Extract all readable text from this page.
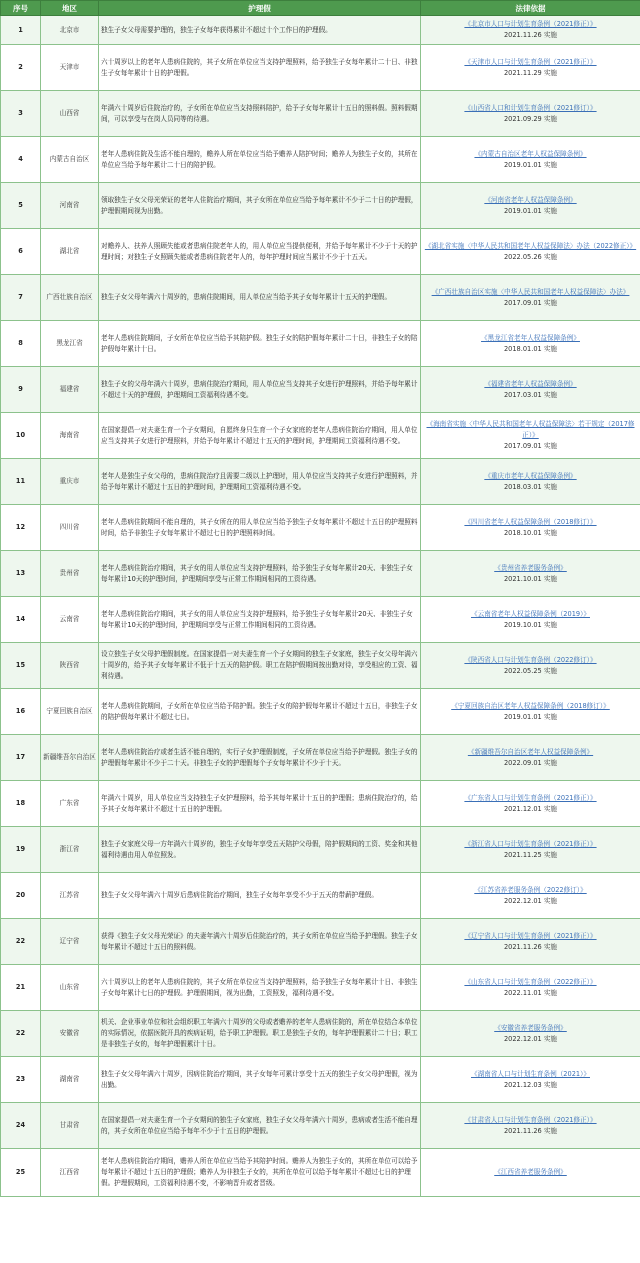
序号	地区	护理假	法律依据
1	北京市	独生子女父母需要护理的，独生子女每年获得累计不超过十个工作日的护理假。	《北京市人口与计划生育条例（2021修正）》
2021.11.26 实施
2	天津市	六十周岁以上的老年人患病住院的，其子女所在单位应当支持护理照料，给予独生子女每年累计二十日、非独生子女每年累计十日的护理假。	《天津市人口与计划生育条例（2021修正）》
2021.11.29 实施
3	山西省	年满六十周岁后住院治疗的，子女所在单位应当支持照料陪护，给予子女每年累计十五日的照料假。照料假期间，可以享受与在岗人员同等的待遇。	《山西省人口和计划生育条例（2021修订）》
2021.09.29 实施
4	内蒙古自治区	老年人患病住院及生活不能自理的，赡养人所在单位应当给予赡养人陪护时间；赡养人为独生子女的，其所在单位应当给予每年累计二十日的陪护假。	《内蒙古自治区老年人权益保障条例》
2019.01.01 实施
5	河南省	领取独生子女父母光荣证的老年人住院治疗期间，其子女所在单位应当给予每年累计不少于二十日的护理假，护理假期间视为出勤。	《河南省老年人权益保障条例》
2019.01.01 实施
6	湖北省	对赡养人、扶养人照顾失能或者患病住院老年人的，用人单位应当提供便利，并给予每年累计不少于十天的护理时间；对独生子女照顾失能或者患病住院老年人的，每年护理时间应当累计不少于十五天。	《湖北省实施〈中华人民共和国老年人权益保障法〉办法（2022修正）》
2022.05.26 实施
7	广西壮族自治区	独生子女父母年满六十周岁的，患病住院期间，用人单位应当给予其子女每年累计十五天的护理假。	《广西壮族自治区实施〈中华人民共和国老年人权益保障法〉办法》
2017.09.01 实施
8	黑龙江省	老年人患病住院期间，子女所在单位应当给予其陪护假。独生子女的陪护假每年累计二十日，非独生子女的陪护假每年累计十日。	《黑龙江省老年人权益保障条例》
2018.01.01 实施
9	福建省	独生子女的父母年满六十周岁，患病住院治疗期间，用人单位应当支持其子女进行护理照料，并给予每年累计不超过十天的护理假，护理期间工资福利待遇不变。	《福建省老年人权益保障条例》
2017.03.01 实施
10	海南省	在国家提倡一对夫妻生育一个子女期间，自愿终身只生育一个子女家庭的老年人患病住院治疗期间，用人单位应当支持其子女进行护理照料，并给予每年累计不超过十五天的护理时间，护理期间工资福利待遇不变。	《海南省实施〈中华人民共和国老年人权益保障法〉若干规定（2017修正）》
2017.09.01 实施
11	重庆市	老年人是独生子女父母的，患病住院治疗且需要二级以上护理时，用人单位应当支持其子女进行护理照料，并给予每年累计不超过十五日的护理时间，护理期间工资福利待遇不变。	《重庆市老年人权益保障条例》
2018.03.01 实施
12	四川省	老年人患病住院期间不能自理的，其子女所在的用人单位应当给予独生子女每年累计不超过十五日的护理照料时间，给予非独生子女每年累计不超过七日的护理照料时间。	《四川省老年人权益保障条例（2018修订）》
2018.10.01 实施
13	贵州省	老年人患病住院治疗期间，其子女的用人单位应当支持护理照料，给予独生子女每年累计20天、非独生子女每年累计10天的护理时间，护理期间享受与正常工作期间相同的工资待遇。	《贵州省养老服务条例》
2021.10.01 实施
14	云南省	老年人患病住院治疗期间，其子女的用人单位应当支持护理照料，给予独生子女每年累计20天、非独生子女每年累计10天的护理时间，护理期间享受与正常工作期间相同的工资待遇。	《云南省老年人权益保障条例（2019）》
2019.10.01 实施
15	陕西省	设立独生子女父母护理假制度。在国家提倡一对夫妻生育一个子女期间的独生子女家庭，独生子女父母年满六十周岁的，给予其子女每年累计不低于十五天的陪护假。职工在陪护假期间按出勤对待，享受相应的工资、福利待遇。	《陕西省人口与计划生育条例（2022修订）》
2022.05.25 实施
16	宁夏回族自治区	老年人患病住院期间，子女所在单位应当给予陪护假。独生子女的陪护假每年累计不超过十五日，非独生子女的陪护假每年累计不超过七日。	《宁夏回族自治区老年人权益保障条例（2018修订）》
2019.01.01 实施
17	新疆维吾尔自治区	老年人患病住院治疗或者生活不能自理的，实行子女护理假制度，子女所在单位应当给予护理假。独生子女的护理假每年累计不少于二十天。非独生子女的护理假每个子女每年累计不少于十天。	《新疆维吾尔自治区老年人权益保障条例》
2022.09.01 实施
18	广东省	年满六十周岁，用人单位应当支持独生子女护理照料，给予其每年累计十五日的护理假；患病住院治疗的，给予其子女每年累计不超过十五日的护理假。	《广东省人口与计划生育条例（2021修正）》
2021.12.01 实施
19	浙江省	独生子女家庭父母一方年满六十周岁的，独生子女每年享受五天陪护父母假，陪护假期间的工资、奖金和其他福利待遇由用人单位照发。	《浙江省人口与计划生育条例（2021修正）》
2021.11.25 实施
20	江苏省	独生子女父母年满六十周岁后患病住院治疗期间，独生子女每年享受不少于五天的带薪护理假。	《江苏省养老服务条例（2022修订）》
2022.12.01 实施
22	辽宁省	获得《独生子女父母光荣证》的夫妻年满六十周岁后住院治疗的，其子女所在单位应当给予护理假。独生子女每年累计不超过十五日的照料假。	《辽宁省人口与计划生育条例（2021修正）》
2021.11.26 实施
21	山东省	六十周岁以上的老年人患病住院的，其子女所在单位应当支持护理照料，给予独生子女每年累计十日、非独生子女每年累计七日的护理假。护理假期间，视为出勤，工资照发，福利待遇不变。	《山东省人口与计划生育条例（2022修正）》
2022.11.01 实施
22	安徽省	机关、企业事业单位和社会组织职工年满六十周岁的父母或者赡养的老年人患病住院的，所在单位结合本单位的实际情况，依据医院开具的疾病证明，给予职工护理假。职工是独生子女的，每年护理假累计二十日；职工是非独生子女的，每年护理假累计十日。	《安徽省养老服务条例》
2022.12.01 实施
23	湖南省	独生子女父母年满六十周岁，因病住院治疗期间，其子女每年可累计享受十五天的独生子女父母护理假，视为出勤。	《湖南省人口与计划生育条例（2021）》
2021.12.03 实施
24	甘肃省	在国家提倡一对夫妻生育一个子女期间的独生子女家庭，独生子女父母年满六十周岁，患病或者生活不能自理的，其子女所在单位应当给予每年不少于十五日的护理假。	《甘肃省人口与计划生育条例（2021修正）》
2021.11.26 实施
25	江西省	老年人患病住院治疗期间，赡养人所在单位应当给予其陪护时间。赡养人为独生子女的，其所在单位可以给予每年累计不超过十五日的护理假；赡养人为非独生子女的，其所在单位可以给予每年累计不超过七日的护理假。护理假期间，工资福利待遇不变，不影响晋升或者晋级。	《江西省养老服务条例》
